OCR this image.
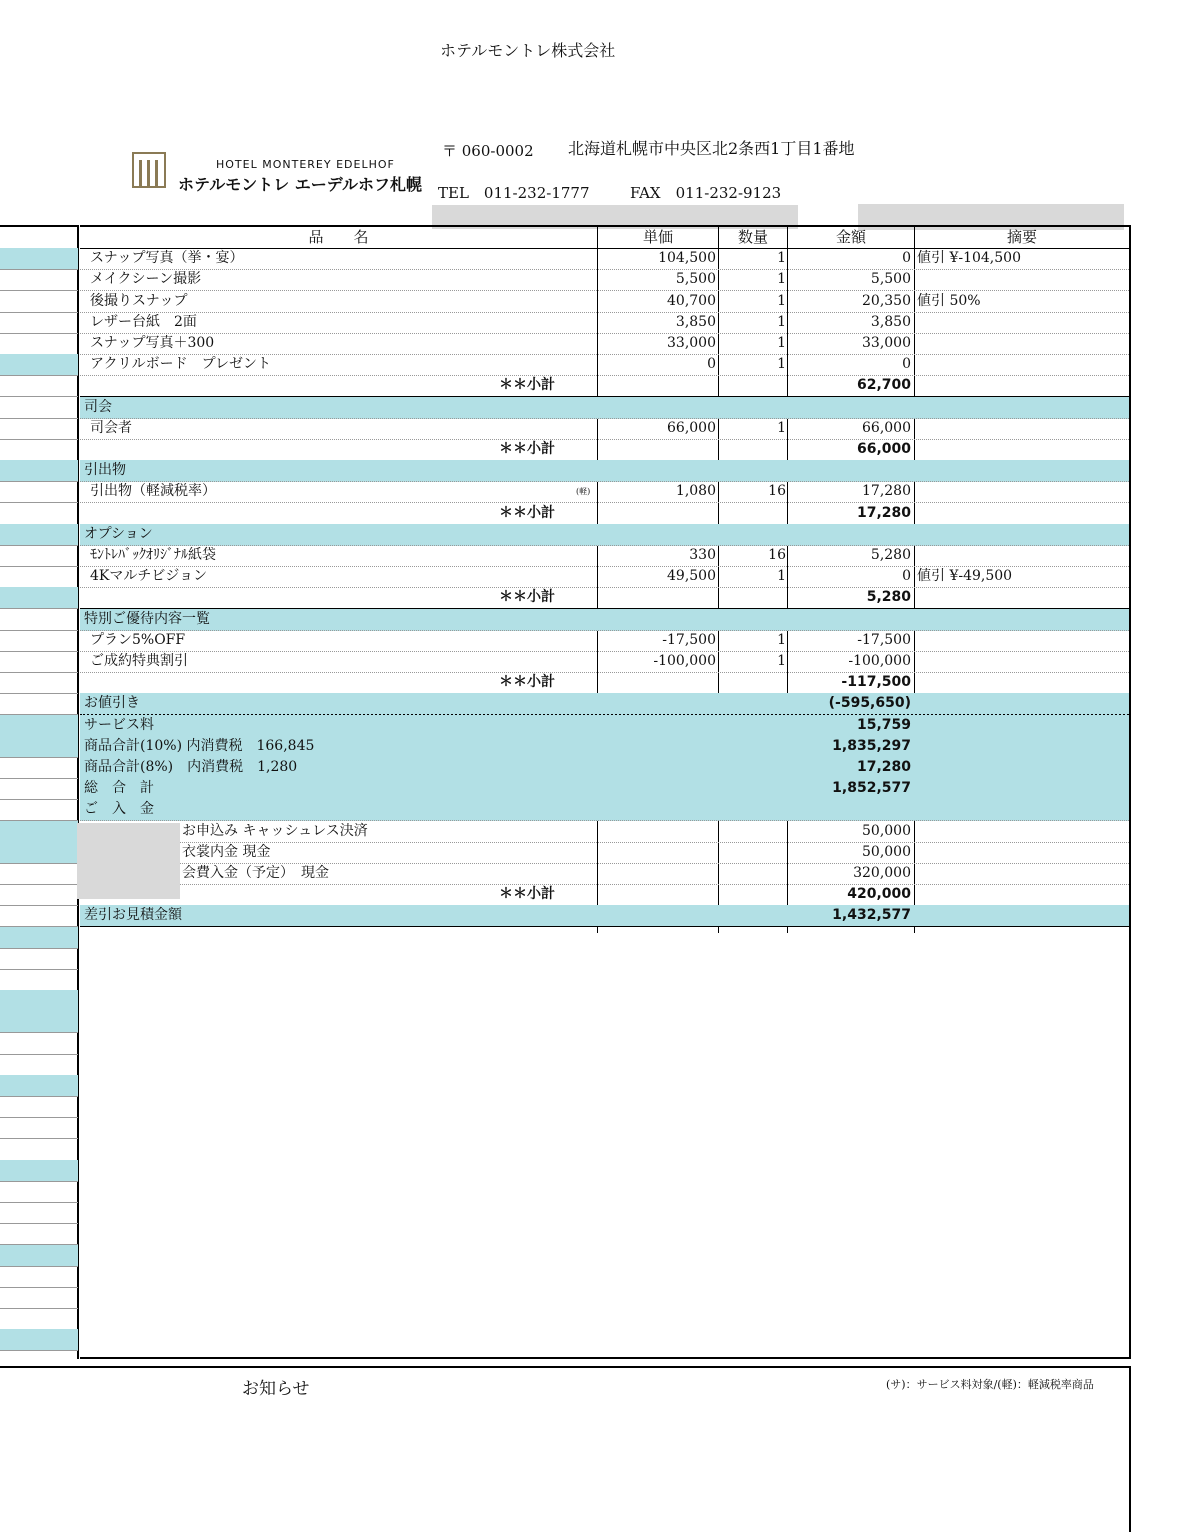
ホテルモントレ株式会社
HOTEL MONTEREY EDELHOF
ホテルモントレ エーデルホフ札幌
〒 060-0002 北海道札幌市中央区北2条西1丁目1番地
TEL　011-232-1777	FAX　011-232-9123
品　　名	単価	数量	金額	摘要
スナップ写真（挙・宴）	104,500	1	0 値引 ¥-104,500
メイクシーン撮影	5,500	1	5,500
後撮りスナップ	40,700	1	20,350 値引 50%
レザー台紙　2面	3,850	1	3,850
スナップ写真＋300	33,000	1	33,000
アクリルボード　プレゼント	0	1	0
＊＊小計	62,700
司会
司会者	66,000	1	66,000
＊＊小計	66,000
引出物
引出物（軽減税率）	(軽)	1,080	16	17,280
＊＊小計	17,280
オプション
ﾓﾝﾄﾚﾊﾞｯｸｵﾘｼﾞﾅﾙ紙袋	330	16	5,280
4Kマルチビジョン	49,500	1	0 値引 ¥-49,500
＊＊小計	5,280
特別ご優待内容一覧
プラン5%OFF	-17,500	1	-17,500
ご成約特典割引	-100,000	1	-100,000
＊＊小計	-117,500
お値引き	(-595,650)
サービス料	15,759
商品合計(10%) 内消費税　166,845	1,835,297
商品合計(8%)　内消費税　1,280	17,280
総　合　計	1,852,577
ご　入　金
お申込み キャッシュレス決済	50,000
衣裳内金 現金	50,000
会費入金（予定）　現金	320,000
＊＊小計	420,000
差引お見積金額	1,432,577
お知らせ	(サ)：サービス料対象/(軽)：軽減税率商品
